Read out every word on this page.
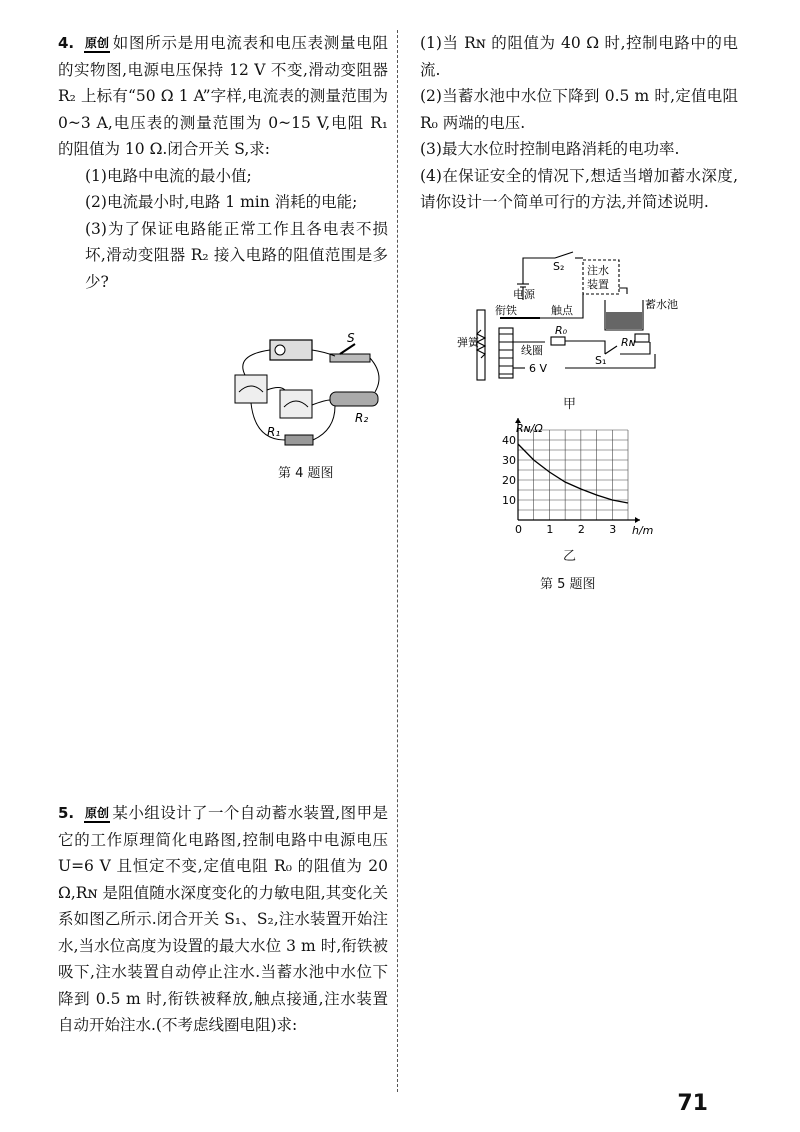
4. 原创 如图所示是用电流表和电压表测量电阻的实物图,电源电压保持 12 V 不变,滑动变阻器 R₂ 上标有“50 Ω 1 A”字样,电流表的测量范围为 0~3 A,电压表的测量范围为 0~15 V,电阻 R₁ 的阻值为 10 Ω.闭合开关 S,求:

(1)电路中电流的最小值;

(2)电流最小时,电路 1 min 消耗的电能;

(3)为了保证电路能正常工作且各电表不损坏,滑动变阻器 R₂ 接入电路的阻值范围是多少?

S
R₂
R₁
第 4 题图

5. 原创 某小组设计了一个自动蓄水装置,图甲是它的工作原理简化电路图,控制电路中电源电压 U=6 V 且恒定不变,定值电阻 R₀ 的阻值为 20 Ω,Rɴ 是阻值随水深度变化的力敏电阻,其变化关系如图乙所示.闭合开关 S₁、S₂,注水装置开始注水,当水位高度为设置的最大水位 3 m 时,衔铁被吸下,注水装置自动停止注水.当蓄水池中水位下降到 0.5 m 时,衔铁被释放,触点接通,注水装置自动开始注水.(不考虑线圈电阻)求:

(1)当 Rɴ 的阻值为 40 Ω 时,控制电路中的电流.

(2)当蓄水池中水位下降到 0.5 m 时,定值电阻 R₀ 两端的电压.

(3)最大水位时控制电路消耗的电功率.

(4)在保证安全的情况下,想适当增加蓄水深度,请你设计一个简单可行的方法,并简述说明.

S₂ 注水
装置
电源
衔铁	触点	蓄水池
弹簧
线圈
R₀
S₁
Rɴ
6 V
甲
0 1 2 3
10
20
30
40
Rɴ/Ω
h/m
乙
第 5 题图
71
